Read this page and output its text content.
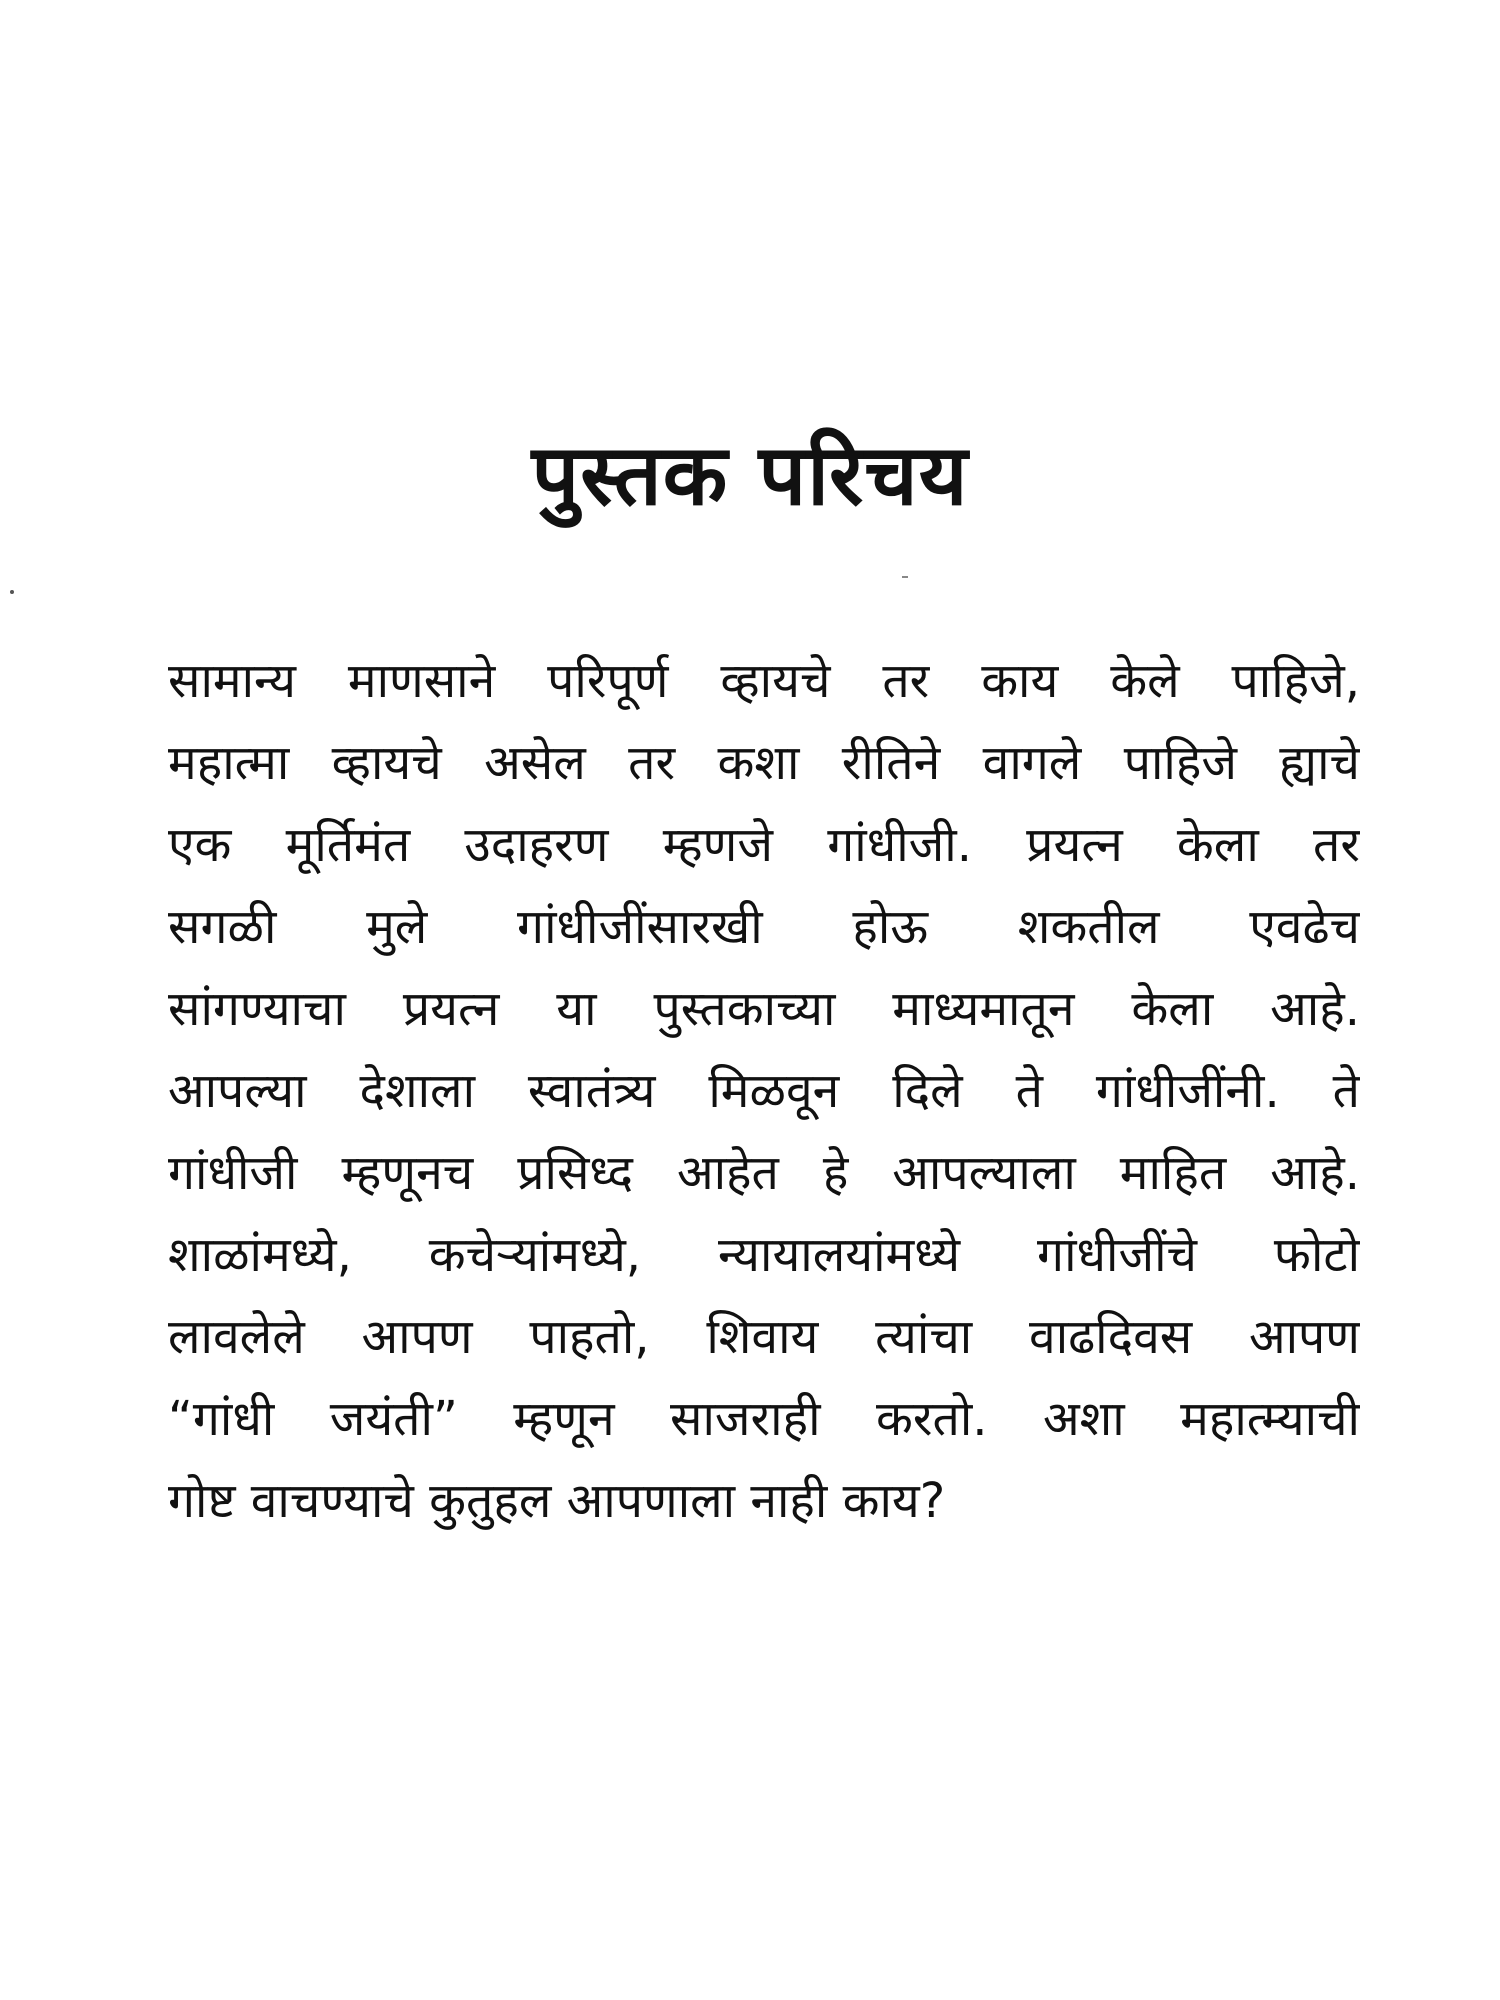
पुस्तक परिचय
सामान्य माणसाने परिपूर्ण व्हायचे तर काय केले पाहिजे,
महात्मा व्हायचे असेल तर कशा रीतिने वागले पाहिजे ह्याचे
एक मूर्तिमंत उदाहरण म्हणजे गांधीजी. प्रयत्न केला तर
सगळी मुले गांधीजींसारखी होऊ शकतील एवढेच
सांगण्याचा प्रयत्न या पुस्तकाच्या माध्यमातून केला आहे.
आपल्या देशाला स्वातंत्र्य मिळवून दिले ते गांधीजींनी. ते
गांधीजी म्हणूनच प्रसिध्द आहेत हे आपल्याला माहित आहे.
शाळांमध्ये, कचेऱ्यांमध्ये, न्यायालयांमध्ये गांधीजींचे फोटो
लावलेले आपण पाहतो, शिवाय त्यांचा वाढदिवस आपण
“गांधी जयंती” म्हणून साजराही करतो. अशा महात्म्याची
गोष्ट वाचण्याचे कुतुहल आपणाला नाही काय?
